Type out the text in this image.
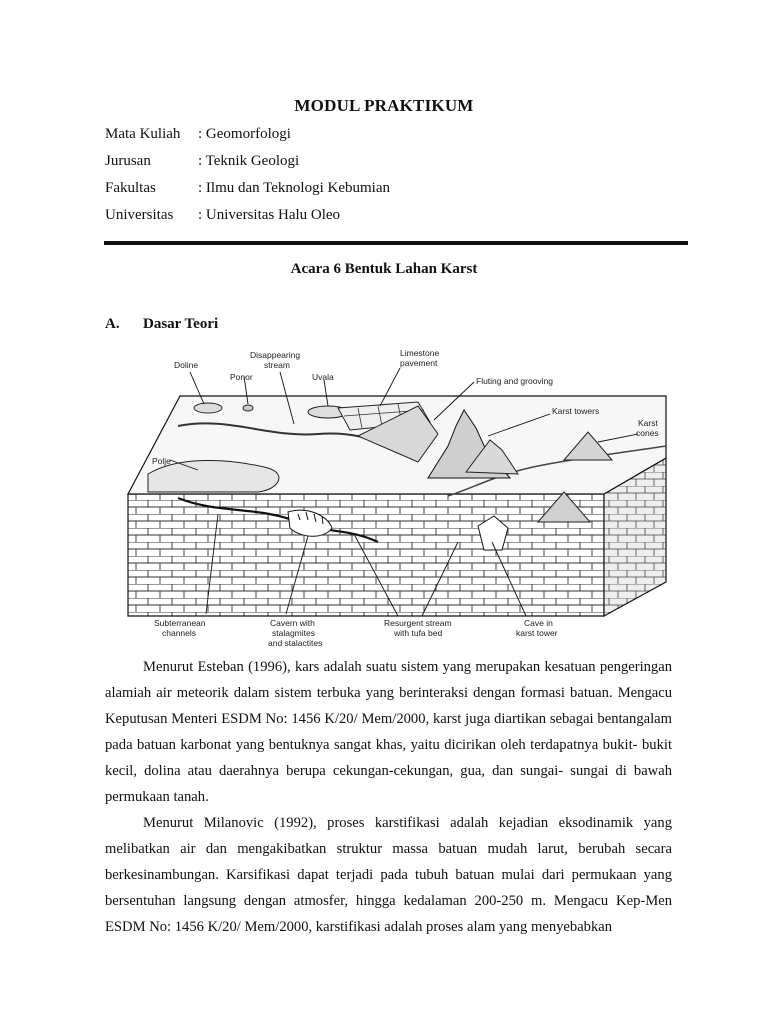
MODUL PRAKTIKUM
Mata Kuliah	: Geomorfologi
Jurusan	: Teknik Geologi
Fakultas	: Ilmu dan Teknologi Kebumian
Universitas	: Universitas Halu Oleo
Acara 6 Bentuk Lahan Karst
A.	Dasar Teori
Doline
Ponor
Disappearing
stream
Uvala
Limestone
pavement
Fluting and grooving
Karst towers
Karst
cones
Polje
Subterranean
channels
Cavern with
stalagmites
and stalactites
Resurgent stream
with tufa bed
Cave in
karst tower

Menurut Esteban (1996), kars adalah suatu sistem yang merupakan kesatuan pengeringan alamiah air meteorik dalam sistem terbuka yang berinteraksi dengan formasi batuan. Mengacu Keputusan Menteri ESDM No: 1456 K/20/ Mem/2000, karst juga diartikan sebagai bentangalam pada batuan karbonat yang bentuknya sangat khas, yaitu dicirikan oleh terdapatnya bukit- bukit kecil, dolina atau daerahnya berupa cekungan-cekungan, gua, dan sungai- sungai di bawah permukaan tanah.

Menurut Milanovic (1992), proses karstifikasi adalah kejadian eksodinamik yang melibatkan air dan mengakibatkan struktur massa batuan mudah larut, berubah secara berkesinambungan. Karsifikasi dapat terjadi pada tubuh batuan mulai dari permukaan yang bersentuhan langsung dengan atmosfer, hingga kedalaman 200-250 m. Mengacu Kep-Men ESDM No: 1456 K/20/ Mem/2000, karstifikasi adalah proses alam yang menyebabkan
